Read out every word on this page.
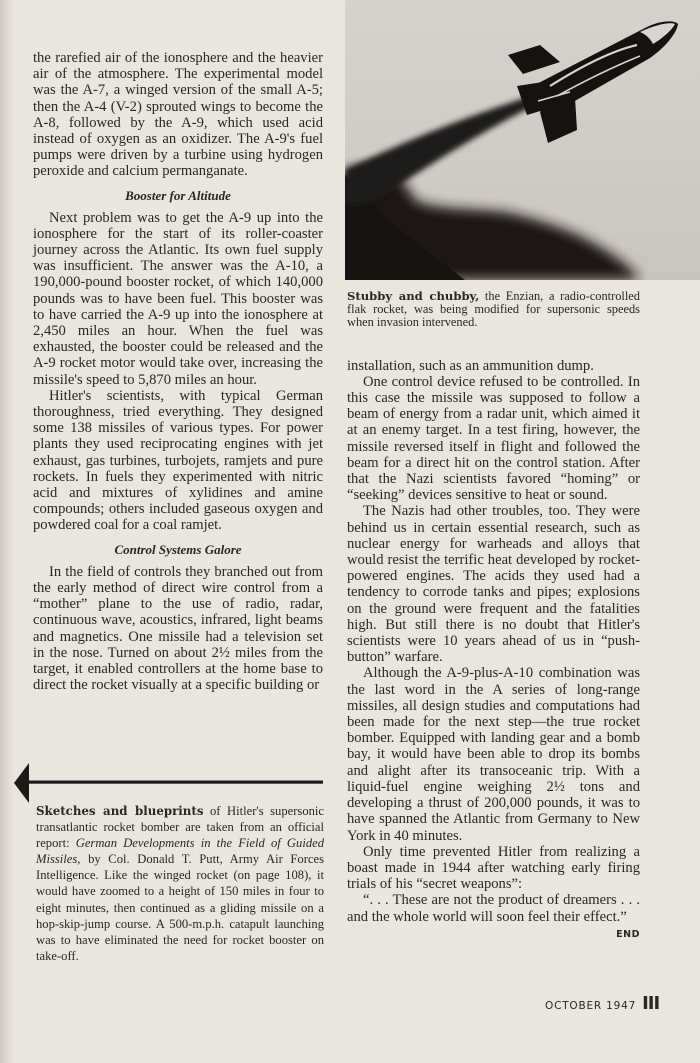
the rarefied air of the ionosphere and the heavier air of the atmosphere. The experimental model was the A-7, a winged version of the small A-5; then the A-4 (V-2) sprouted wings to become the A-8, followed by the A-9, which used acid instead of oxygen as an oxidizer. The A-9's fuel pumps were driven by a turbine using hydrogen peroxide and calcium permanganate.

Booster for Altitude

Next problem was to get the A-9 up into the ionosphere for the start of its roller-coaster journey across the Atlantic. Its own fuel supply was insufficient. The answer was the A-10, a 190,000-pound booster rocket, of which 140,000 pounds was to have been fuel. This booster was to have carried the A-9 up into the ionosphere at 2,450 miles an hour. When the fuel was exhausted, the booster could be released and the A-9 rocket motor would take over, increasing the missile's speed to 5,870 miles an hour.

Hitler's scientists, with typical German thoroughness, tried everything. They designed some 138 missiles of various types. For power plants they used reciprocating engines with jet exhaust, gas turbines, turbojets, ramjets and pure rockets. In fuels they experimented with nitric acid and mixtures of xylidines and amine compounds; others included gaseous oxygen and powdered coal for a coal ramjet.

Control Systems Galore

In the field of controls they branched out from the early method of direct wire control from a “mother” plane to the use of radio, radar, continuous wave, acoustics, infrared, light beams and magnetics. One missile had a television set in the nose. Turned on about 2½ miles from the target, it enabled controllers at the home base to direct the rocket visually at a specific building or

Sketches and blueprints of Hitler's supersonic transatlantic rocket bomber are taken from an official report: German Developments in the Field of Guided Missiles, by Col. Donald T. Putt, Army Air Forces Intelligence. Like the winged rocket (on page 108), it would have zoomed to a height of 150 miles in four to eight minutes, then continued as a gliding missile on a hop-skip-jump course. A 500-m.p.h. catapult launching was to have eliminated the need for rocket booster on take-off.
Stubby and chubby, the Enzian, a radio-controlled flak rocket, was being modified for supersonic speeds when invasion intervened.

installation, such as an ammunition dump.

One control device refused to be controlled. In this case the missile was supposed to follow a beam of energy from a radar unit, which aimed it at an enemy target. In a test firing, however, the missile reversed itself in flight and followed the beam for a direct hit on the control station. After that the Nazi scientists favored “homing” or “seeking” devices sensitive to heat or sound.

The Nazis had other troubles, too. They were behind us in certain essential research, such as nuclear energy for warheads and alloys that would resist the terrific heat developed by rocket-powered engines. The acids they used had a tendency to corrode tanks and pipes; explosions on the ground were frequent and the fatalities high. But still there is no doubt that Hitler's scientists were 10 years ahead of us in “push-button” warfare.

Although the A-9-plus-A-10 combination was the last word in the A series of long-range missiles, all design studies and computations had been made for the next step—the true rocket bomber. Equipped with landing gear and a bomb bay, it would have been able to drop its bombs and alight after its transoceanic trip. With a liquid-fuel engine weighing 2½ tons and developing a thrust of 200,000 pounds, it was to have spanned the Atlantic from Germany to New York in 40 minutes.

Only time prevented Hitler from realizing a boast made in 1944 after watching early firing trials of his “secret weapons”:

“. . . These are not the product of dreamers . . . and the whole world will soon feel their effect.”
END

OCTOBER 1947 III
